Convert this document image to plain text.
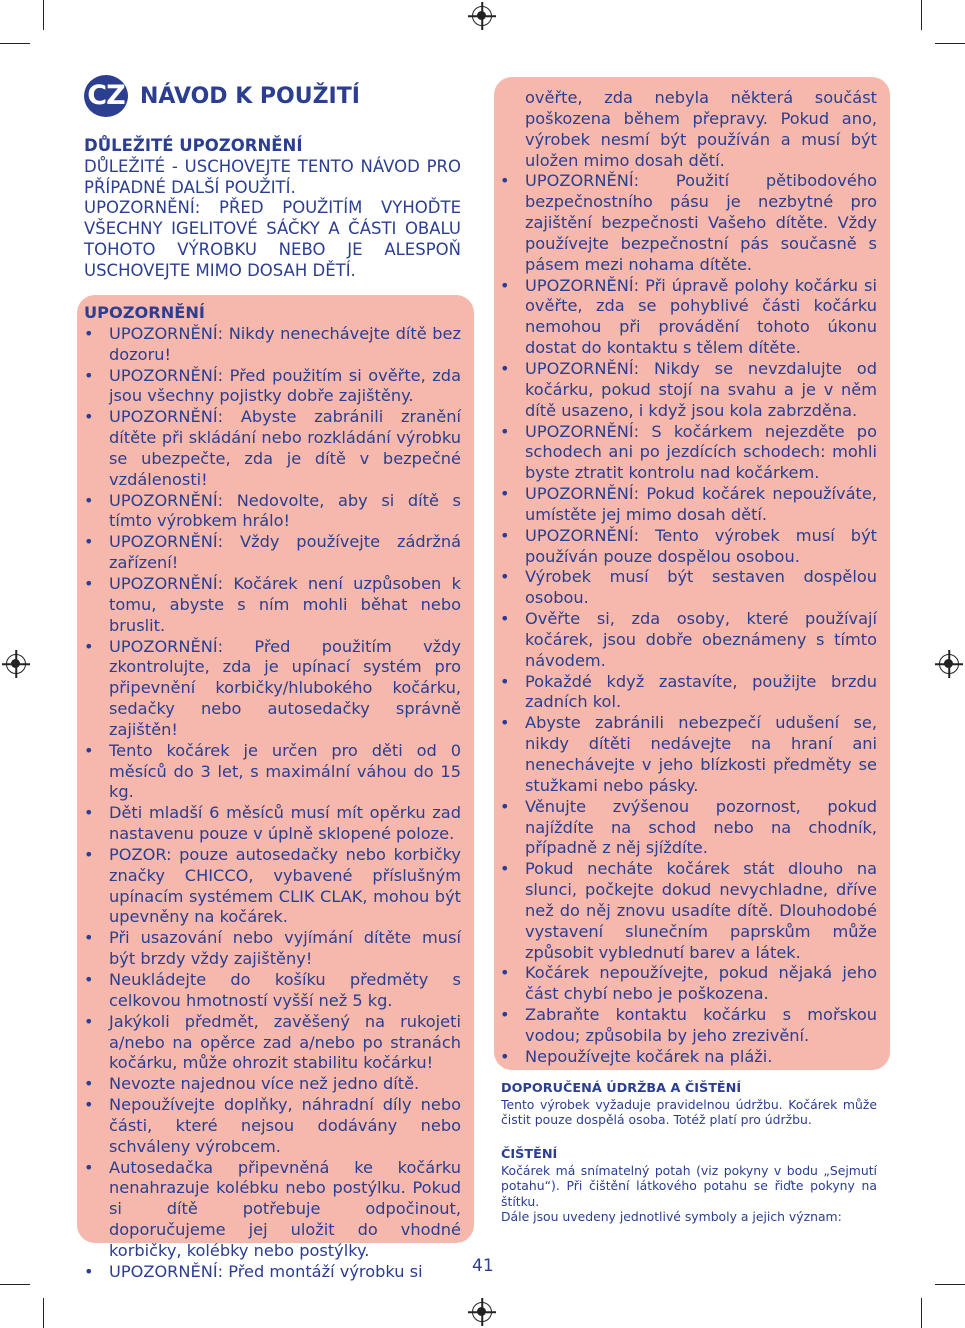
CZ NÁVOD K POUŽITÍ
DŮLEŽITÉ UPOZORNĚNÍ
DŮLEŽITÉ - USCHOVEJTE TENTO NÁVOD PRO PŘÍPADNÉ DALŠÍ POUŽITÍ.
UPOZORNĚNÍ: PŘED POUŽITÍM VYHOĎTE VŠECHNY IGELITOVÉ SÁČKY A ČÁSTI OBALU TOHOTO VÝROBKU NEBO JE ALESPOŇ USCHOVEJTE MIMO DOSAH DĚTÍ.
UPOZORNĚNÍ
• UPOZORNĚNÍ: Nikdy nenechávejte dítě bez dozoru!
• UPOZORNĚNÍ: Před použitím si ověřte, zda jsou všechny pojistky dobře zajištěny.
• UPOZORNĚNÍ: Abyste zabránili zranění dítěte při skládání nebo rozkládání výrobku se ubezpečte, zda je dítě v bezpečné vzdálenosti!
• UPOZORNĚNÍ: Nedovolte, aby si dítě s tímto výrobkem hrálo!
• UPOZORNĚNÍ: Vždy používejte zádržná zařízení!
• UPOZORNĚNÍ: Kočárek není uzpůsoben k tomu, abyste s ním mohli běhat nebo bruslit.
• UPOZORNĚNÍ: Před použitím vždy zkontrolujte, zda je upínací systém pro připevnění korbičky/hlubokého kočárku, sedačky nebo autosedačky správně zajištěn!
• Tento kočárek je určen pro děti od 0 měsíců do 3 let, s maximální váhou do 15 kg.
• Děti mladší 6 měsíců musí mít opěrku zad nastavenu pouze v úplně sklopené poloze.
• POZOR: pouze autosedačky nebo korbičky značky CHICCO, vybavené příslušným upínacím systémem CLIK CLAK, mohou být upevněny na kočárek.
• Při usazování nebo vyjímání dítěte musí být brzdy vždy zajištěny!
• Neukládejte do košíku předměty s celkovou hmotností vyšší než 5 kg.
• Jakýkoli předmět, zavěšený na rukojeti a/nebo na opěrce zad a/nebo po stranách kočárku, může ohrozit stabilitu kočárku!
• Nevozte najednou více než jedno dítě.
• Nepoužívejte doplňky, náhradní díly nebo části, které nejsou dodávány nebo schváleny výrobcem.
• Autosedačka připevněná ke kočárku nenahrazuje kolébku nebo postýlku. Pokud si dítě potřebuje odpočinout, doporučujeme jej uložit do vhodné korbičky, kolébky nebo postýlky.
• UPOZORNĚNÍ: Před montáží výrobku si
ověřte, zda nebyla některá součást poškozena během přepravy. Pokud ano, výrobek nesmí být používán a musí být uložen mimo dosah dětí.
• UPOZORNĚNÍ: Použití pětibodového bezpečnostního pásu je nezbytné pro zajištění bezpečnosti Vašeho dítěte. Vždy používejte bezpečnostní pás současně s pásem mezi nohama dítěte.
• UPOZORNĚNÍ: Při úpravě polohy kočárku si ověřte, zda se pohyblivé části kočárku nemohou při provádění tohoto úkonu dostat do kontaktu s tělem dítěte.
• UPOZORNĚNÍ: Nikdy se nevzdalujte od kočárku, pokud stojí na svahu a je v něm dítě usazeno, i když jsou kola zabrzděna.
• UPOZORNĚNÍ: S kočárkem nejezděte po schodech ani po jezdících schodech: mohli byste ztratit kontrolu nad kočárkem.
• UPOZORNĚNÍ: Pokud kočárek nepoužíváte, umístěte jej mimo dosah dětí.
• UPOZORNĚNÍ: Tento výrobek musí být používán pouze dospělou osobou.
• Výrobek musí být sestaven dospělou osobou.
• Ověřte si, zda osoby, které používají kočárek, jsou dobře obeznámeny s tímto návodem.
• Pokaždé když zastavíte, použijte brzdu zadních kol.
• Abyste zabránili nebezpečí udušení se, nikdy dítěti nedávejte na hraní ani nenechávejte v jeho blízkosti předměty se stužkami nebo pásky.
• Věnujte zvýšenou pozornost, pokud najíždíte na schod nebo na chodník, případně z něj sjíždíte.
• Pokud necháte kočárek stát dlouho na slunci, počkejte dokud nevychladne, dříve než do něj znovu usadíte dítě. Dlouhodobé vystavení slunečním paprskům může způsobit vyblednutí barev a látek.
• Kočárek nepoužívejte, pokud nějaká jeho část chybí nebo je poškozena.
• Zabraňte kontaktu kočárku s mořskou vodou; způsobila by jeho zrezivění.
• Nepoužívejte kočárek na pláži.
DOPORUČENÁ ÚDRŽBA A ČIŠTĚNÍ
Tento výrobek vyžaduje pravidelnou údržbu. Kočárek může čistit pouze dospělá osoba. Totéž platí pro údržbu.
ČIŠTĚNÍ
Kočárek má snímatelný potah (viz pokyny v bodu „Sejmutí potahu“). Při čištění látkového potahu se řiďte pokyny na štítku.
Dále jsou uvedeny jednotlivé symboly a jejich význam:
41
